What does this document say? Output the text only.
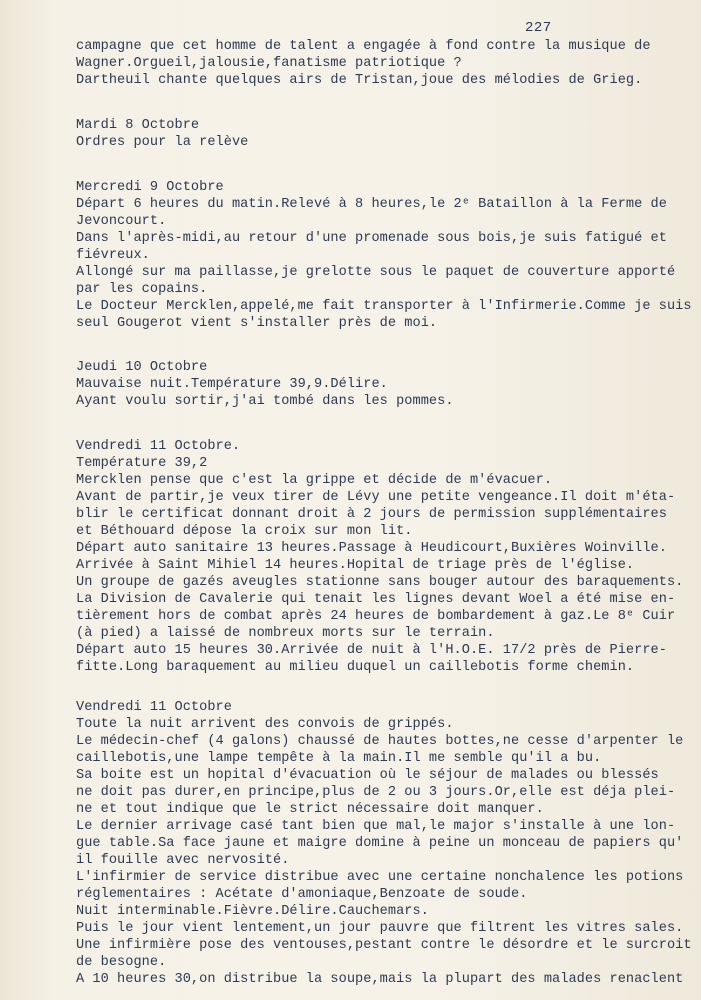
227
campagne que cet homme de talent a engagée à fond contre la musique de
Wagner.Orgueil,jalousie,fanatisme patriotique ?
Dartheuil chante quelques airs de Tristan,joue des mélodies de Grieg.
Mardi 8 Octobre
Ordres pour la relève
Mercredi 9 Octobre
Départ 6 heures du matin.Relevé à 8 heures,le 2ᵉ Bataillon à la Ferme de
Jevoncourt.
Dans l'après-midi,au retour d'une promenade sous bois,je suis fatigué et
fiévreux.
Allongé sur ma paillasse,je grelotte sous le paquet de couverture apporté
par les copains.
Le Docteur Mercklen,appelé,me fait transporter à l'Infirmerie.Comme je suis
seul Gougerot vient s'installer près de moi.
Jeudi 10 Octobre
Mauvaise nuit.Température 39,9.Délire.
Ayant voulu sortir,j'ai tombé dans les pommes.
Vendredi 11 Octobre.
Température 39,2
Mercklen pense que c'est la grippe et décide de m'évacuer.
Avant de partir,je veux tirer de Lévy une petite vengeance.Il doit m'éta-
blir le certificat donnant droit à 2 jours de permission supplémentaires
et Béthouard dépose la croix sur mon lit.
Départ auto sanitaire 13 heures.Passage à Heudicourt,Buxières Woinville.
Arrivée à Saint Mihiel 14 heures.Hopital de triage près de l'église.
Un groupe de gazés aveugles stationne sans bouger autour des baraquements.
La Division de Cavalerie qui tenait les lignes devant Woel a été mise en-
tièrement hors de combat après 24 heures de bombardement à gaz.Le 8ᵉ Cuir
(à pied) a laissé de nombreux morts sur le terrain.
Départ auto 15 heures 30.Arrivée de nuit à l'H.O.E. 17/2 près de Pierre-
fitte.Long baraquement au milieu duquel un caillebotis forme chemin.
Vendredi 11 Octobre
Toute la nuit arrivent des convois de grippés.
Le médecin-chef (4 galons) chaussé de hautes bottes,ne cesse d'arpenter le
caillebotis,une lampe tempête à la main.Il me semble qu'il a bu.
Sa boite est un hopital d'évacuation où le séjour de malades ou blessés
ne doit pas durer,en principe,plus de 2 ou 3 jours.Or,elle est déja plei-
ne et tout indique que le strict nécessaire doit manquer.
Le dernier arrivage casé tant bien que mal,le major s'installe à une lon-
gue table.Sa face jaune et maigre domine à peine un monceau de papiers qu'
il fouille avec nervosité.
L'infirmier de service distribue avec une certaine nonchalence les potions
réglementaires : Acétate d'amoniaque,Benzoate de soude.
Nuit interminable.Fièvre.Délire.Cauchemars.
Puis le jour vient lentement,un jour pauvre que filtrent les vitres sales.
Une infirmière pose des ventouses,pestant contre le désordre et le surcroit
de besogne.
A 10 heures 30,on distribue la soupe,mais la plupart des malades renaclent
